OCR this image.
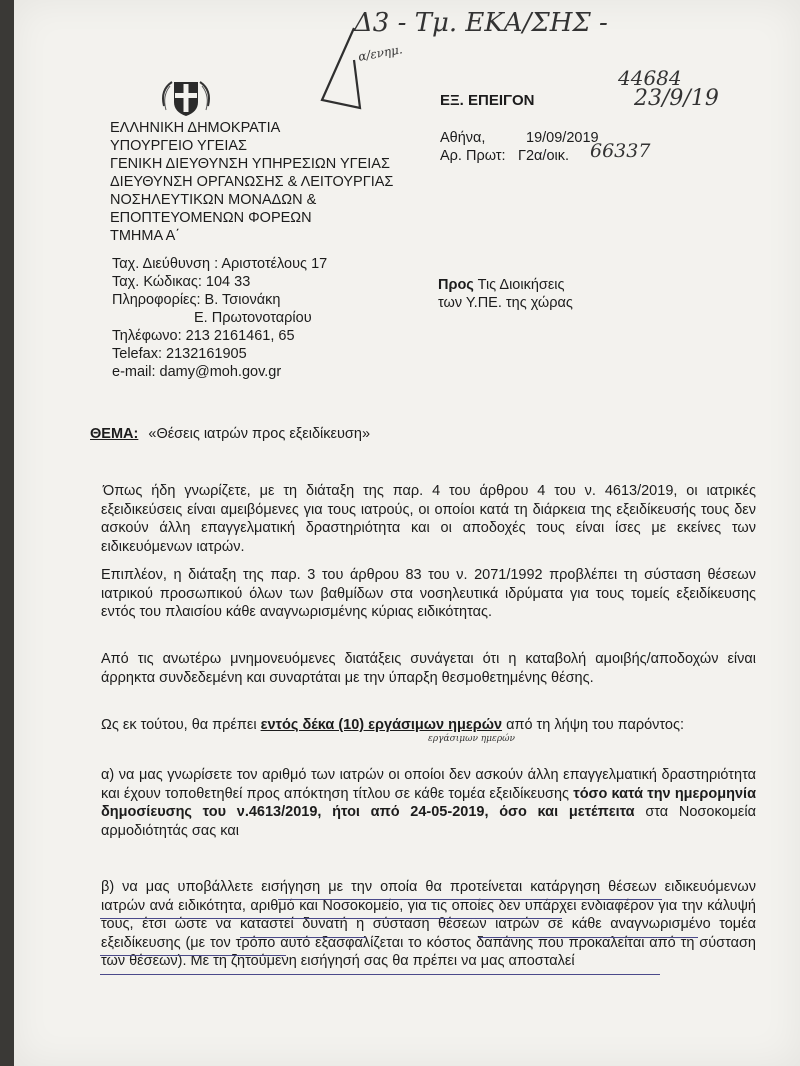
Δ3 - Τμ. ΕΚΑ/ΣΗΣ -
α/ενημ.
44684
23/9/19
ΕΞ. ΕΠΕΙΓΟΝ
ΕΛΛΗΝΙΚΗ ΔΗΜΟΚΡΑΤΙΑ
ΥΠΟΥΡΓΕΙΟ ΥΓΕΙΑΣ
ΓΕΝΙΚΗ ΔΙΕΥΘΥΝΣΗ ΥΠΗΡΕΣΙΩΝ ΥΓΕΙΑΣ
ΔΙΕΥΘΥΝΣΗ ΟΡΓΑΝΩΣΗΣ & ΛΕΙΤΟΥΡΓΙΑΣ
ΝΟΣΗΛΕΥΤΙΚΩΝ ΜΟΝΑΔΩΝ &
ΕΠΟΠΤΕΥΟΜΕΝΩΝ ΦΟΡΕΩΝ
ΤΜΗΜΑ Α΄
Αθήνα,	19/09/2019
Αρ. Πρωτ: Γ2α/οικ. 66337
Ταχ. Διεύθυνση : Αριστοτέλους 17
Ταχ. Κώδικας: 104 33
Πληροφορίες: Β. Τσιονάκη
Ε. Πρωτονοταρίου
Τηλέφωνο: 213 2161461, 65
Telefax: 2132161905
e-mail: damy@moh.gov.gr
Προς Τις Διοικήσεις
των Υ.ΠΕ. της χώρας
ΘΕΜΑ: «Θέσεις ιατρών προς εξειδίκευση»
Όπως ήδη γνωρίζετε, με τη διάταξη της παρ. 4 του άρθρου 4 του ν. 4613/2019, οι ιατρικές εξειδικεύσεις είναι αμειβόμενες για τους ιατρούς, οι οποίοι κατά τη διάρκεια της εξειδίκευσής τους δεν ασκούν άλλη επαγγελματική δραστηριότητα και οι αποδοχές τους είναι ίσες με εκείνες των ειδικευόμενων ιατρών.
Επιπλέον, η διάταξη της παρ. 3 του άρθρου 83 του ν. 2071/1992 προβλέπει τη σύσταση θέσεων ιατρικού προσωπικού όλων των βαθμίδων στα νοσηλευτικά ιδρύματα για τους τομείς εξειδίκευσης εντός του πλαισίου κάθε αναγνωρισμένης κύριας ειδικότητας.
Από τις ανωτέρω μνημονευόμενες διατάξεις συνάγεται ότι η καταβολή αμοιβής/αποδοχών είναι άρρηκτα συνδεδεμένη και συναρτάται με την ύπαρξη θεσμοθετημένης θέσης.
Ως εκ τούτου, θα πρέπει εντός δέκα (10) εργάσιμων ημερών από τη λήψη του παρόντος:
εργάσιμων ημερών
α) να μας γνωρίσετε τον αριθμό των ιατρών οι οποίοι δεν ασκούν άλλη επαγγελματική δραστηριότητα και έχουν τοποθετηθεί προς απόκτηση τίτλου σε κάθε τομέα εξειδίκευσης τόσο κατά την ημερομηνία δημοσίευσης του ν.4613/2019, ήτοι από 24-05-2019, όσο και μετέπειτα στα Νοσοκομεία αρμοδιότητάς σας και
β) να μας υποβάλλετε εισήγηση με την οποία θα προτείνεται κατάργηση θέσεων ειδικευόμενων ιατρών ανά ειδικότητα, αριθμό και Νοσοκομείο, για τις οποίες δεν υπάρχει ενδιαφέρον για την κάλυψή τους, έτσι ώστε να καταστεί δυνατή η σύσταση θέσεων ιατρών σε κάθε αναγνωρισμένο τομέα εξειδίκευσης (με τον τρόπο αυτό εξασφαλίζεται το κόστος δαπάνης που προκαλείται από τη σύσταση των θέσεων). Με τη ζητούμενη εισήγησή σας θα πρέπει να μας αποσταλεί
